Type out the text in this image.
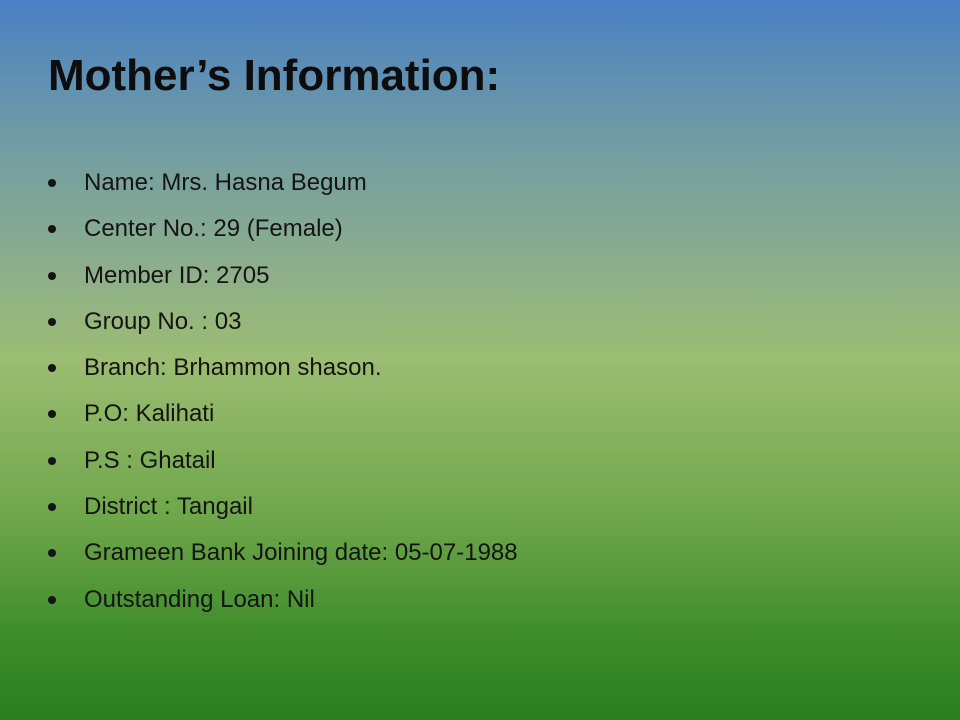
Mother’s Information:
Name: Mrs. Hasna Begum
Center No.: 29 (Female)
Member ID: 2705
Group No. : 03
Branch: Brhammon shason.
P.O: Kalihati
P.S : Ghatail
District : Tangail
Grameen Bank Joining date: 05-07-1988
Outstanding Loan: Nil
